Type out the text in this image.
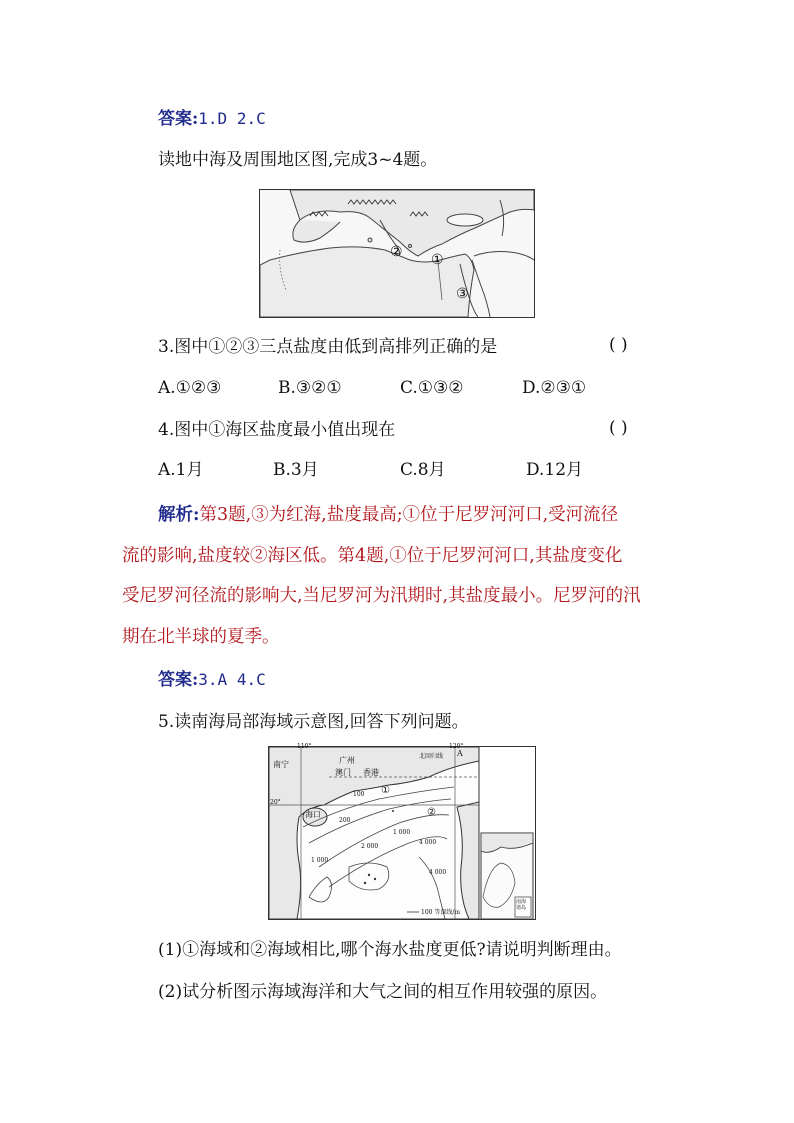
答案:1.D 2.C
读地中海及周围地区图,完成3~4题。
② ①
③
3.图中①②③三点盐度由低到高排列正确的是	( )
A.①②③	B.③②①	C.①③②	D.②③①
4.图中①海区盐度最小值出现在	( )
A.1月	B.3月	C.8月	D.12月
解析:第3题,③为红海,盐度最高;①位于尼罗河河口,受河流径
流的影响,盐度较②海区低。第4题,①位于尼罗河河口,其盐度变化
受尼罗河径流的影响大,当尼罗河为汛期时,其盐度最小。尼罗河的汛
期在北半球的夏季。
答案:3.A 4.C
5.读南海局部海域示意图,回答下列问题。
110°	120°
20°
南宁	广州
澳门 香港
海口
北回归线 A
①
②
100
200
1 000
2 000
4 000
1 000
4 000
100 等深线/m
南海诸岛
(1)①海域和②海域相比,哪个海水盐度更低?请说明判断理由。
(2)试分析图示海域海洋和大气之间的相互作用较强的原因。
